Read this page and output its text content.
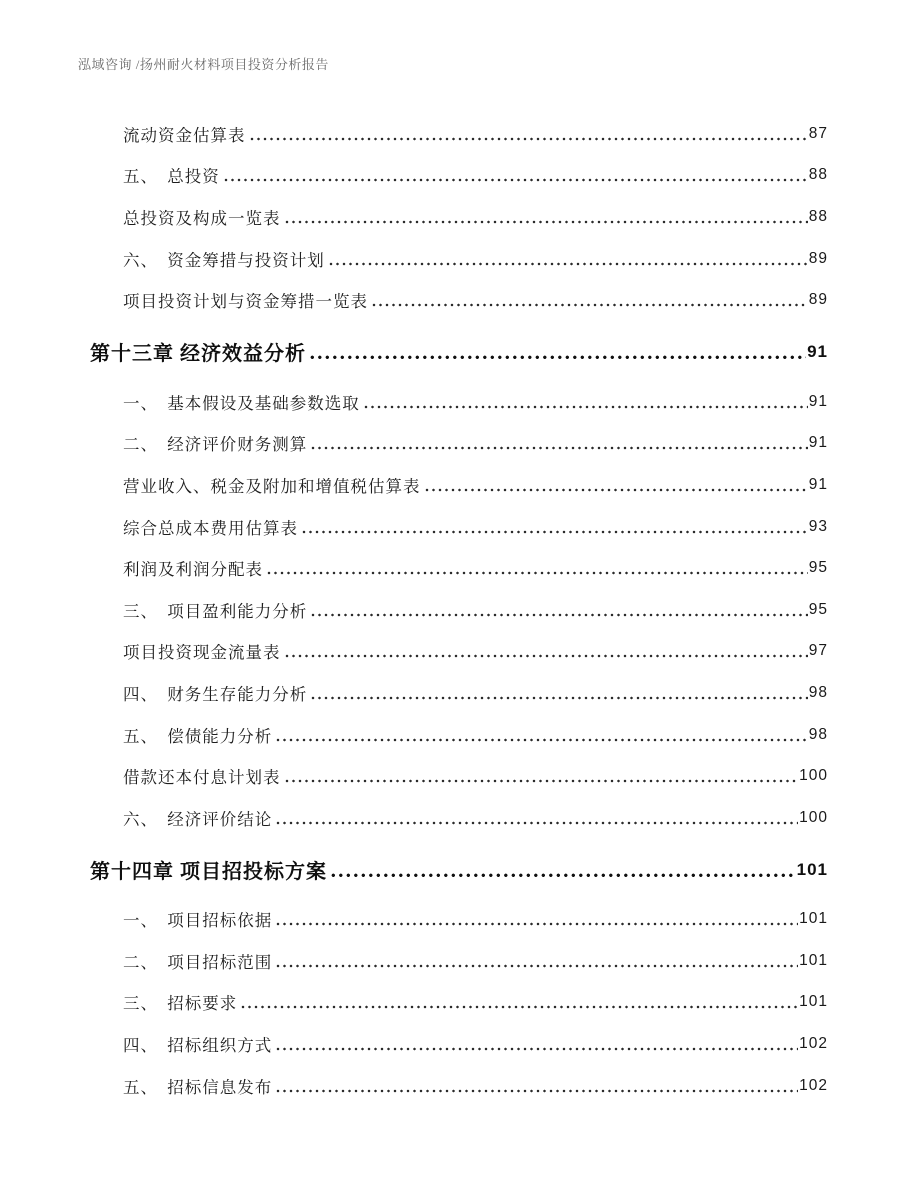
泓域咨询 /扬州耐火材料项目投资分析报告
流动资金估算表	87
五、　总投资	88
总投资及构成一览表	88
六、　资金筹措与投资计划	89
项目投资计划与资金筹措一览表	89
第十三章 经济效益分析	91
一、　基本假设及基础参数选取	91
二、　经济评价财务测算	91
营业收入、税金及附加和增值税估算表	91
综合总成本费用估算表	93
利润及利润分配表	95
三、　项目盈利能力分析	95
项目投资现金流量表	97
四、　财务生存能力分析	98
五、　偿债能力分析	98
借款还本付息计划表	100
六、　经济评价结论	100
第十四章 项目招投标方案	101
一、　项目招标依据	101
二、　项目招标范围	101
三、　招标要求	101
四、　招标组织方式	102
五、　招标信息发布	102
